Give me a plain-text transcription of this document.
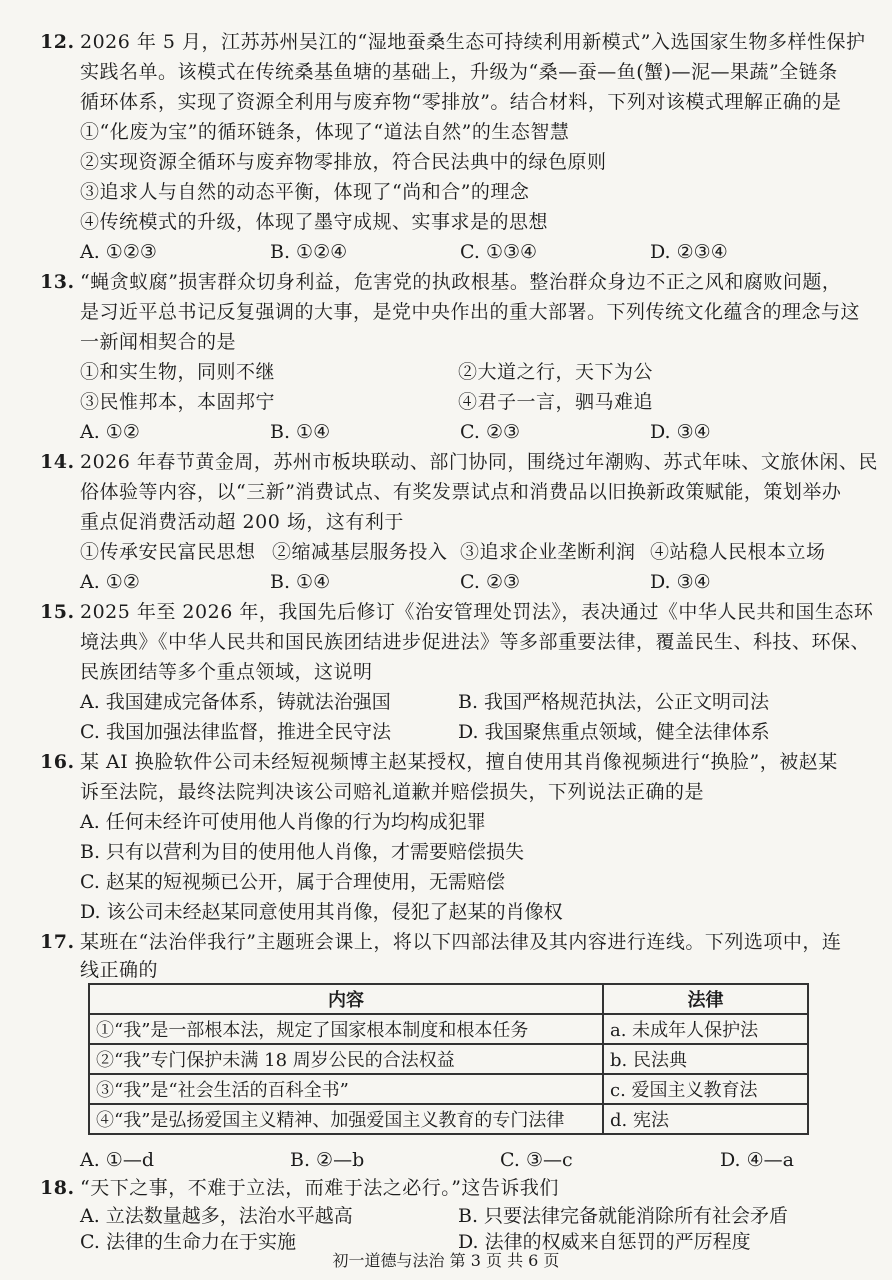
12. 2026 年 5 月，江苏苏州吴江的“湿地蚕桑生态可持续利用新模式”入选国家生物多样性保护
实践名单。该模式在传统桑基鱼塘的基础上，升级为“桑—蚕—鱼(蟹)—泥—果蔬”全链条
循环体系，实现了资源全利用与废弃物“零排放”。结合材料，下列对该模式理解正确的是
①“化废为宝”的循环链条，体现了“道法自然”的生态智慧
②实现资源全循环与废弃物零排放，符合民法典中的绿色原则
③追求人与自然的动态平衡，体现了“尚和合”的理念
④传统模式的升级，体现了墨守成规、实事求是的思想
A. ①②③	B. ①②④	C. ①③④	D. ②③④
13. “蝇贪蚁腐”损害群众切身利益，危害党的执政根基。整治群众身边不正之风和腐败问题，
是习近平总书记反复强调的大事，是党中央作出的重大部署。下列传统文化蕴含的理念与这
一新闻相契合的是
①和实生物，同则不继	②大道之行，天下为公
③民惟邦本，本固邦宁	④君子一言，驷马难追
A. ①②	B. ①④	C. ②③	D. ③④
14. 2026 年春节黄金周，苏州市板块联动、部门协同，围绕过年潮购、苏式年味、文旅休闲、民
俗体验等内容，以“三新”消费试点、有奖发票试点和消费品以旧换新政策赋能，策划举办
重点促消费活动超 200 场，这有利于
①传承安民富民思想 ②缩减基层服务投入 ③追求企业垄断利润 ④站稳人民根本立场
A. ①②	B. ①④	C. ②③	D. ③④
15. 2025 年至 2026 年，我国先后修订《治安管理处罚法》，表决通过《中华人民共和国生态环
境法典》《中华人民共和国民族团结进步促进法》等多部重要法律，覆盖民生、科技、环保、
民族团结等多个重点领域，这说明
A. 我国建成完备体系，铸就法治强国	B. 我国严格规范执法，公正文明司法
C. 我国加强法律监督，推进全民守法	D. 我国聚焦重点领域，健全法律体系
16. 某 AI 换脸软件公司未经短视频博主赵某授权，擅自使用其肖像视频进行“换脸”，被赵某
诉至法院，最终法院判决该公司赔礼道歉并赔偿损失，下列说法正确的是
A. 任何未经许可使用他人肖像的行为均构成犯罪
B. 只有以营利为目的使用他人肖像，才需要赔偿损失
C. 赵某的短视频已公开，属于合理使用，无需赔偿
D. 该公司未经赵某同意使用其肖像，侵犯了赵某的肖像权
17. 某班在“法治伴我行”主题班会课上，将以下四部法律及其内容进行连线。下列选项中，连
线正确的
内容	法律
①“我”是一部根本法，规定了国家根本制度和根本任务	a. 未成年人保护法
②“我”专门保护未满 18 周岁公民的合法权益	b. 民法典
③“我”是“社会生活的百科全书”	c. 爱国主义教育法
④“我”是弘扬爱国主义精神、加强爱国主义教育的专门法律	d. 宪法
A. ①—d	B. ②—b	C. ③—c	D. ④—a
18. “天下之事，不难于立法，而难于法之必行。”这告诉我们
A. 立法数量越多，法治水平越高	B. 只要法律完备就能消除所有社会矛盾
C. 法律的生命力在于实施	D. 法律的权威来自惩罚的严厉程度
初一道德与法治 第 3 页 共 6 页
